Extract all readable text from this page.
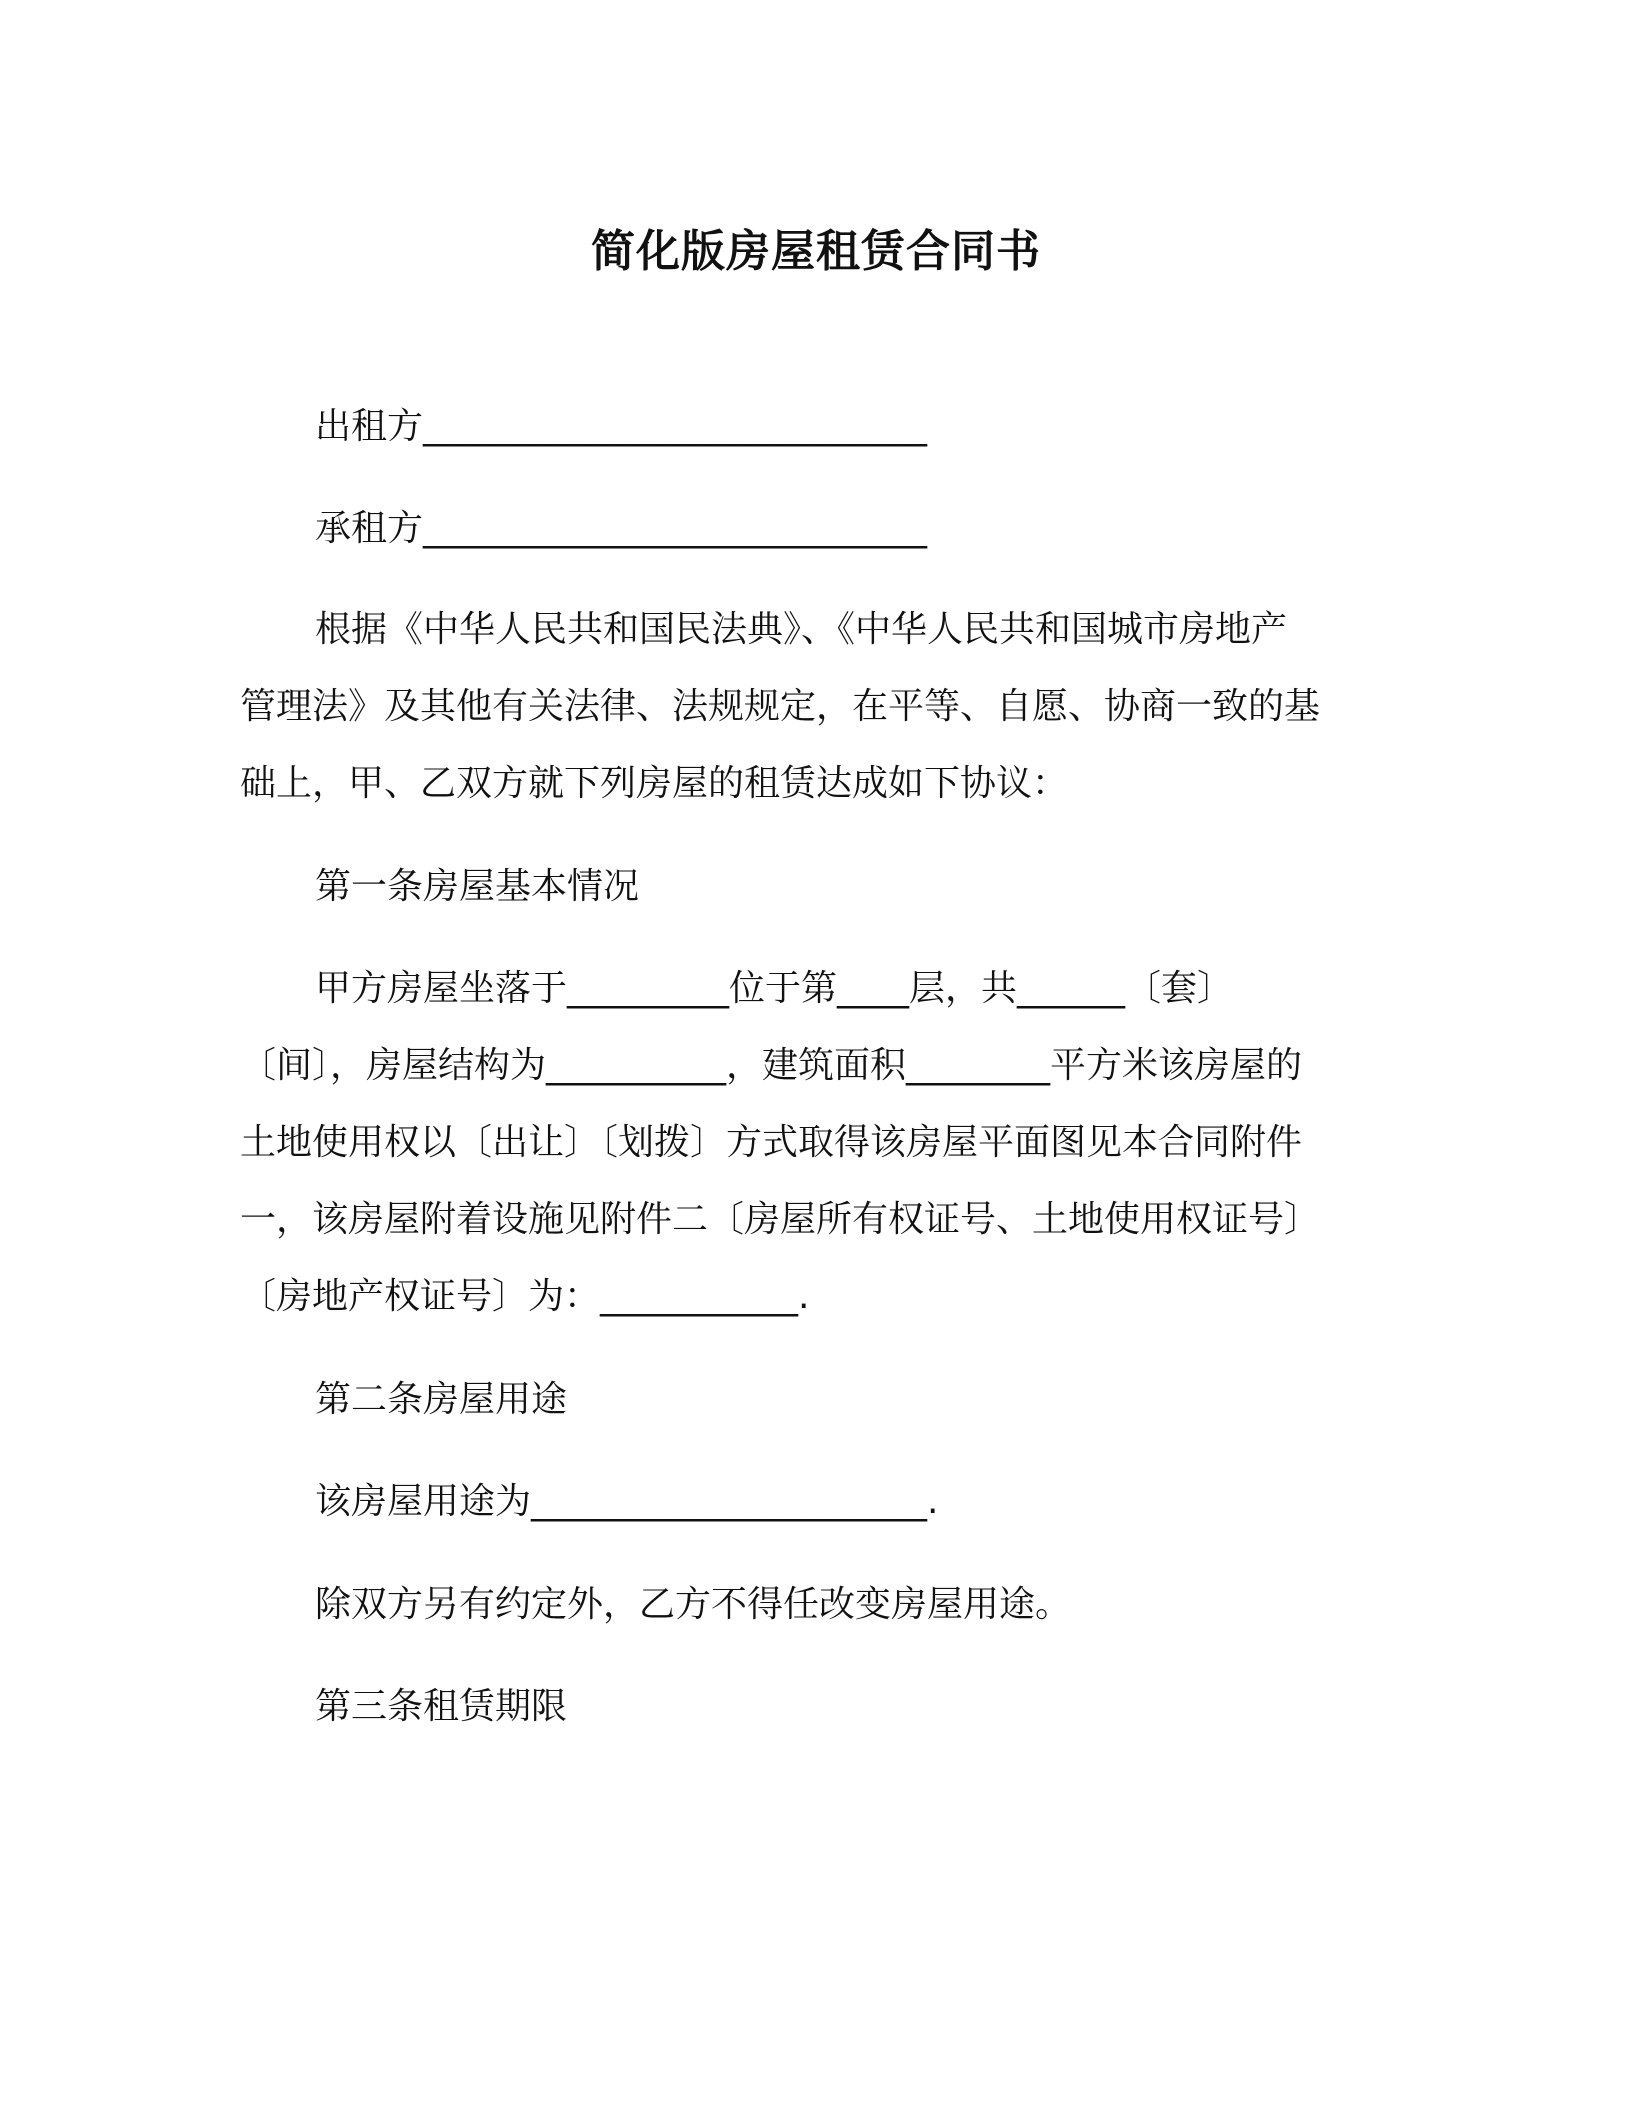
简化版房屋租赁合同书
出租方____________________________
承租方____________________________
根据《中华人民共和国民法典》、《中华人民共和国城市房地产
管理法》及其他有关法律、法规规定，在平等、自愿、协商一致的基
础上，甲、乙双方就下列房屋的租赁达成如下协议：
第一条房屋基本情况
甲方房屋坐落于_________位于第____层，共______〔套〕
〔间〕，房屋结构为__________，建筑面积________平方米该房屋的
土地使用权以〔出让〕〔划拨〕方式取得该房屋平面图见本合同附件
一，该房屋附着设施见附件二〔房屋所有权证号、土地使用权证号〕
〔房地产权证号〕为：___________.
第二条房屋用途
该房屋用途为______________________.
除双方另有约定外，乙方不得任改变房屋用途。
第三条租赁期限
